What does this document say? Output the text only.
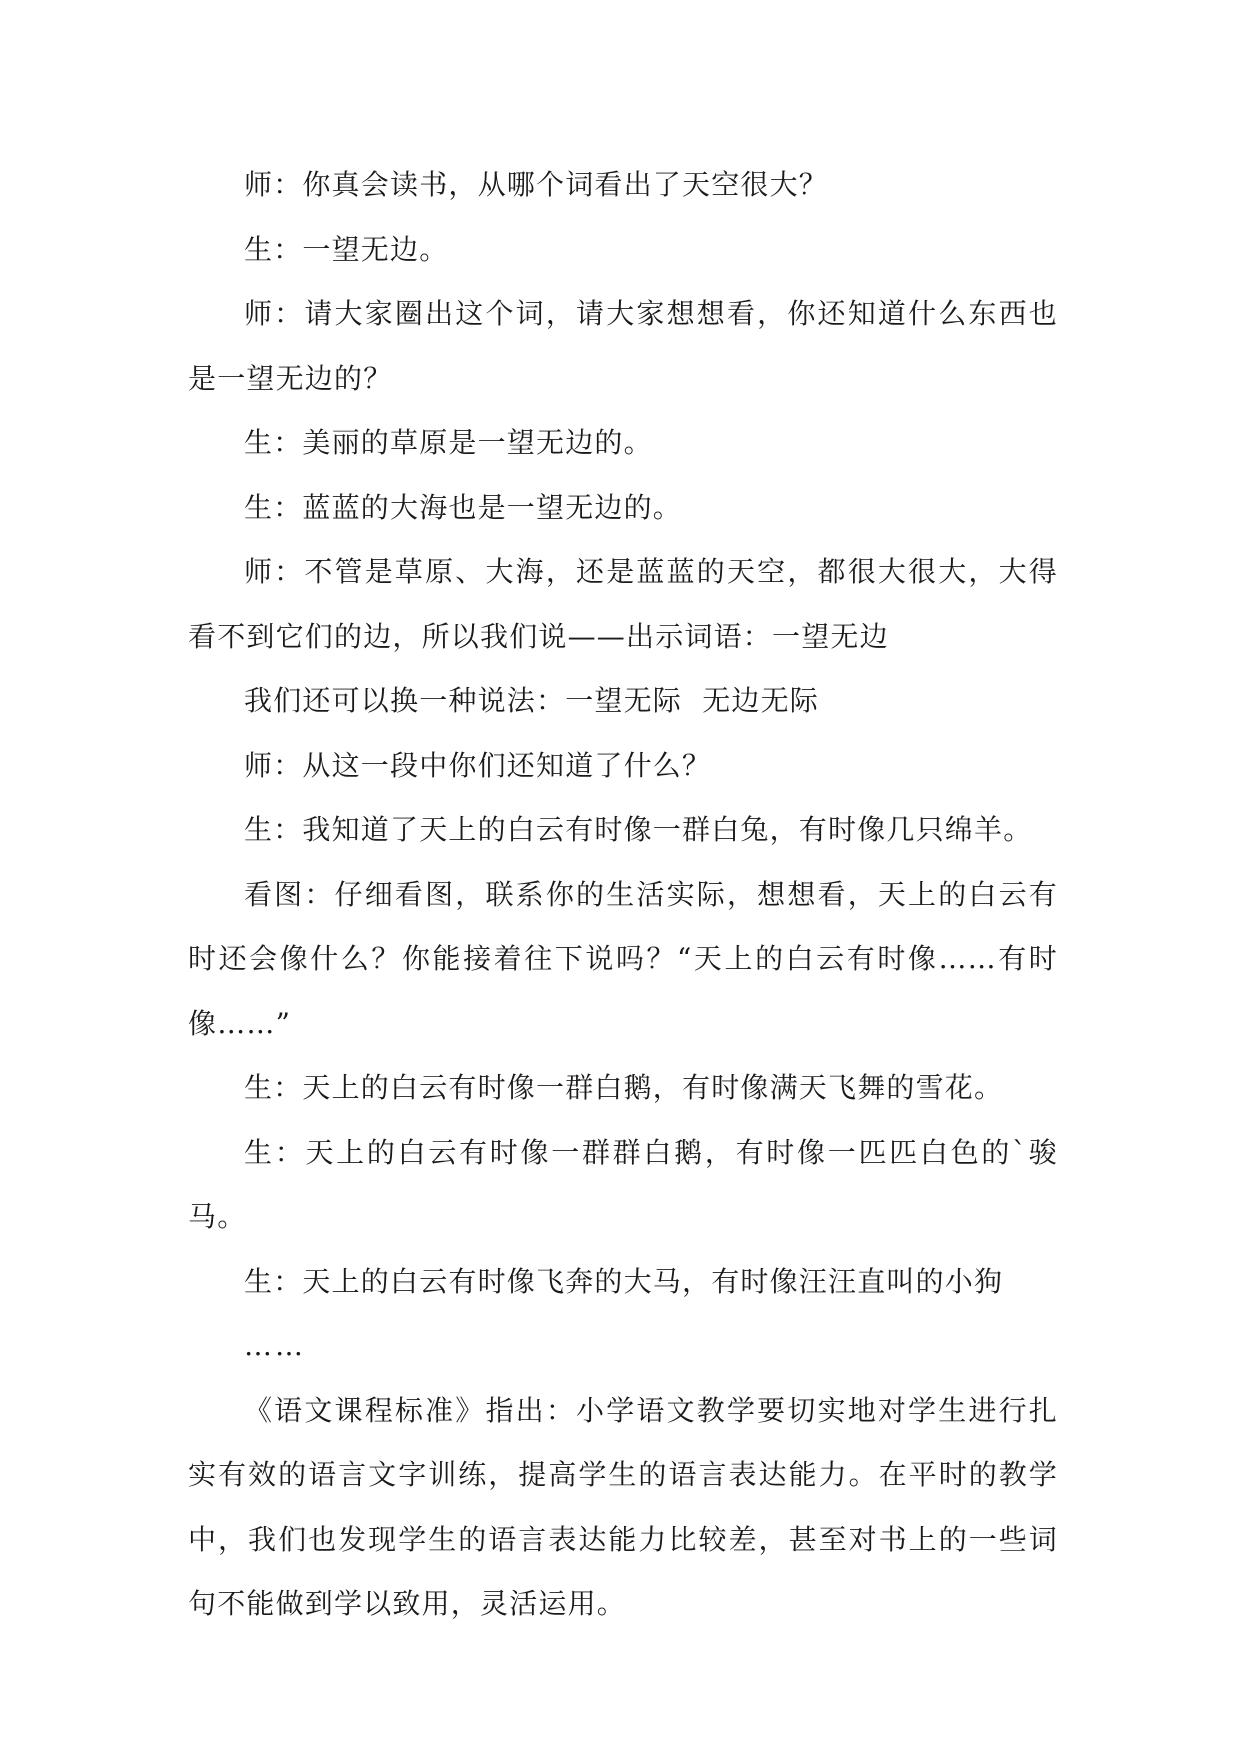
师：你真会读书，从哪个词看出了天空很大？

生：一望无边。

师：请大家圈出这个词，请大家想想看，你还知道什么东西也是一望无边的？

生：美丽的草原是一望无边的。

生：蓝蓝的大海也是一望无边的。

师：不管是草原、大海，还是蓝蓝的天空，都很大很大，大得看不到它们的边，所以我们说——出示词语：一望无边

我们还可以换一种说法：一望无际  无边无际

师：从这一段中你们还知道了什么？

生：我知道了天上的白云有时像一群白兔，有时像几只绵羊。

看图：仔细看图，联系你的生活实际，想想看，天上的白云有时还会像什么？你能接着往下说吗？“天上的白云有时像……有时像……”

生：天上的白云有时像一群白鹅，有时像满天飞舞的雪花。

生：天上的白云有时像一群群白鹅，有时像一匹匹白色的`骏马。

生：天上的白云有时像飞奔的大马，有时像汪汪直叫的小狗

……

《语文课程标准》指出：小学语文教学要切实地对学生进行扎实有效的语言文字训练，提高学生的语言表达能力。在平时的教学中，我们也发现学生的语言表达能力比较差，甚至对书上的一些词句不能做到学以致用，灵活运用。
